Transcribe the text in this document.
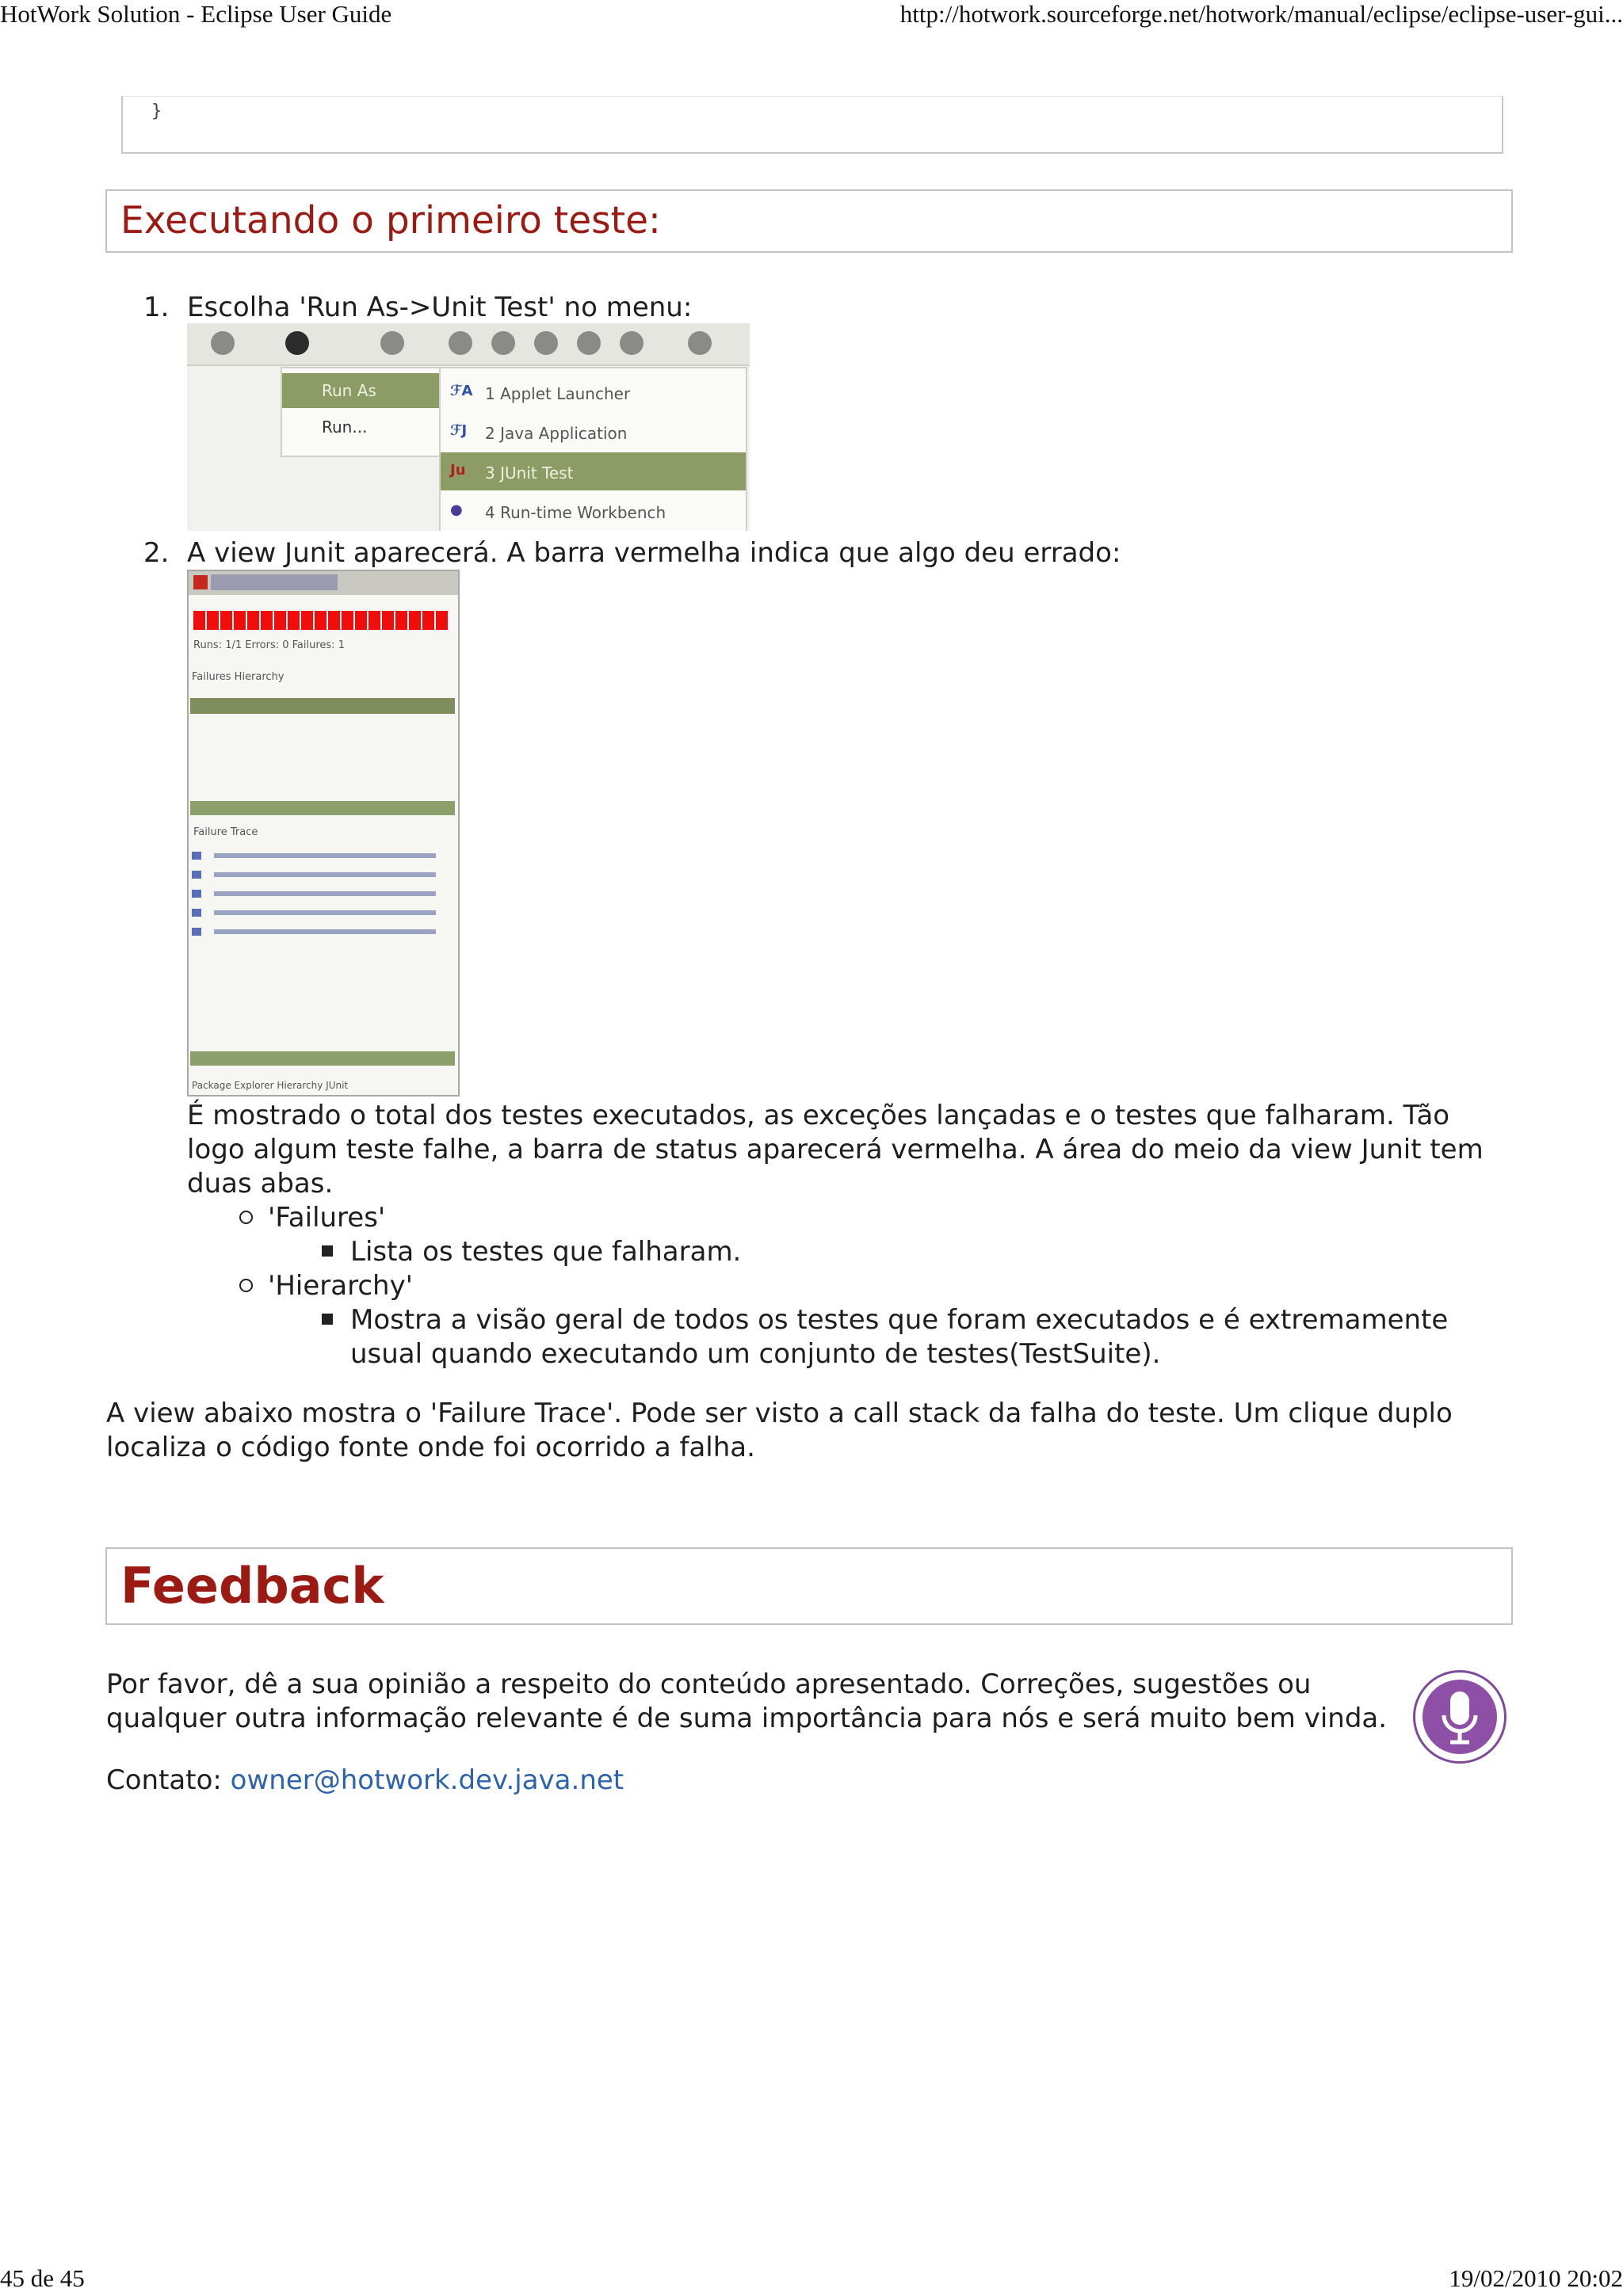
HotWork Solution - Eclipse User Guide	http://hotwork.sourceforge.net/hotwork/manual/eclipse/eclipse-user-gui...
}
Executando o primeiro teste:
1. Escolha 'Run As->Unit Test' no menu:
Run As
Run...
ℱA 1 Applet Launcher
ℱJ 2 Java Application
Ju	3 JUnit Test
●	4 Run-time Workbench
2. A view Junit aparecerá. A barra vermelha indica que algo deu errado:
Runs: 1/1 Errors: 0 Failures: 1
Failures Hierarchy
Failure Trace
Package Explorer Hierarchy JUnit
É mostrado o total dos testes executados, as exceções lançadas e o testes que falharam. Tão
logo algum teste falhe, a barra de status aparecerá vermelha. A área do meio da view Junit tem
duas abas.
'Failures'
Lista os testes que falharam.
'Hierarchy'
Mostra a visão geral de todos os testes que foram executados e é extremamente
usual quando executando um conjunto de testes(TestSuite).
A view abaixo mostra o 'Failure Trace'. Pode ser visto a call stack da falha do teste. Um clique duplo
localiza o código fonte onde foi ocorrido a falha.
Feedback
Por favor, dê a sua opinião a respeito do conteúdo apresentado. Correções, sugestões ou
qualquer outra informação relevante é de suma importância para nós e será muito bem vinda.
Contato: owner@hotwork.dev.java.net
45 de 45	19/02/2010 20:02
